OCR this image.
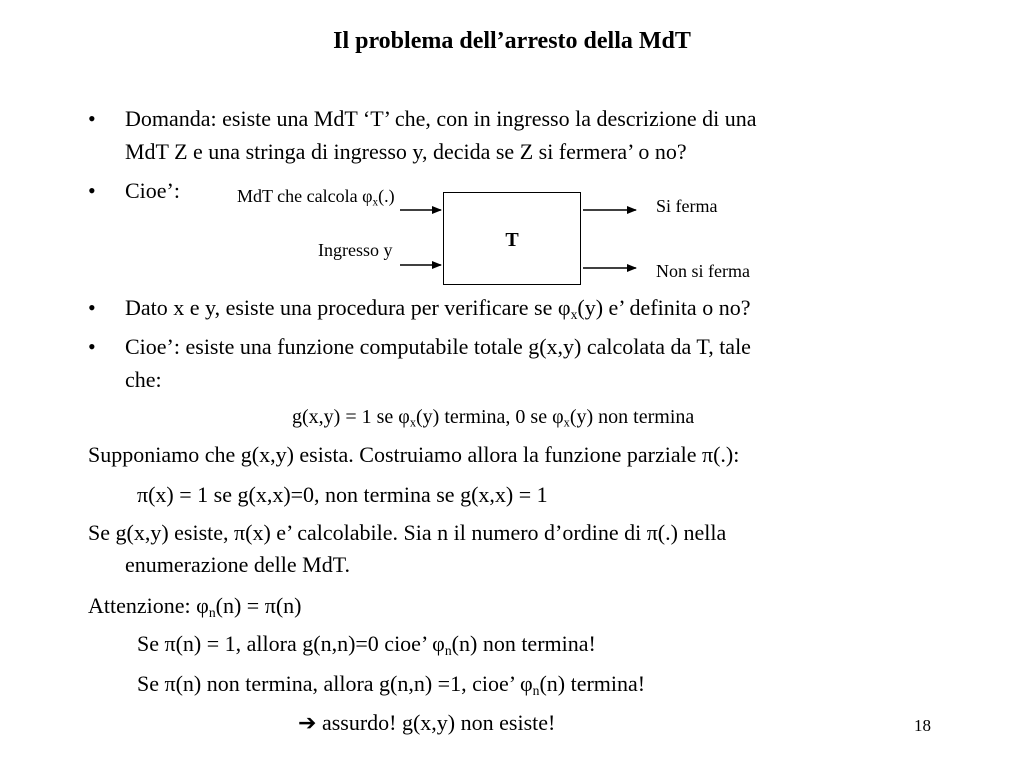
Il problema dell’arresto della MdT
• Domanda: esiste una MdT ‘T’ che, con in ingresso la descrizione di una
MdT Z e una stringa di ingresso y, decida se Z si fermera’ o no?
• Cioe’:	MdT che calcola $\varphi_x(.)$
Ingresso y	T
Si ferma
Non si ferma
• Dato x e y, esiste una procedura per verificare se $\varphi_x(y)$ e’ definita o no?
• Cioe’: esiste una funzione computabile totale g(x,y) calcolata da T, tale
che:
g(x,y) = 1 se $\varphi_x(y)$ termina, 0 se $\varphi_x(y)$ non termina
Supponiamo che g(x,y) esista. Costruiamo allora la funzione parziale π(.):
π(x) = 1 se g(x,x)=0, non termina se g(x,x) = 1
Se g(x,y) esiste, π(x) e’ calcolabile. Sia n il numero d’ordine di π(.) nella
enumerazione delle MdT.
Attenzione: $\varphi_n(n) = \pi(n)$
Se π(n) = 1, allora g(n,n)=0 cioe’ $\varphi_n(n)$ non termina!
Se π(n) non termina, allora g(n,n) =1, cioe’ $\varphi_n(n)$ termina!
➔ assurdo! g(x,y) non esiste!	18
